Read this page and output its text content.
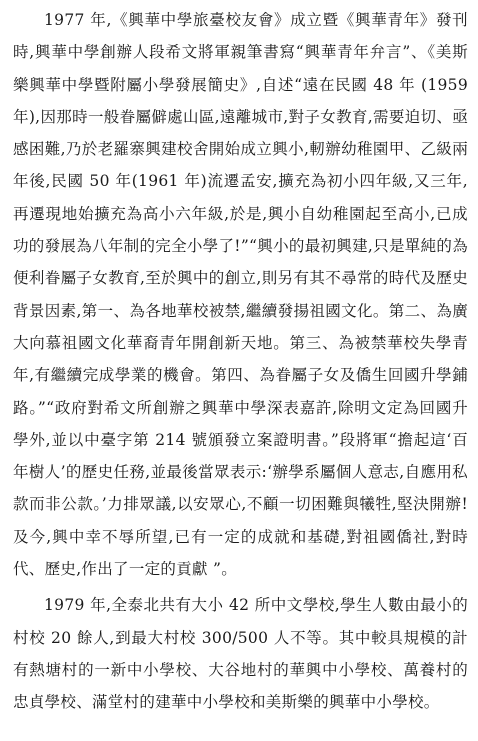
1977 年,《興華中學旅臺校友會》成立暨《興華青年》發刊時,興華中學創辦人段希文將軍親筆書寫“興華青年弁言”、《美斯樂興華中學暨附屬小學發展簡史》,自述“遠在民國 48 年 (1959 年),因那時一般眷屬僻處山區,遠離城市,對子女教育,需要迫切、亟感困難,乃於老羅寨興建校舍開始成立興小,軔辦幼稚園甲、乙級兩年後,民國 50 年(1961 年)流遷孟安,擴充為初小四年級,又三年,再遷現地始擴充為高小六年級,於是,興小自幼稚園起至高小,已成功的發展為八年制的完全小學了!”“興小的最初興建,只是單純的為便利眷屬子女教育,至於興中的創立,則另有其不尋常的時代及歷史背景因素,第一、為各地華校被禁,繼續發揚祖國文化。第二、為廣大向慕祖國文化華裔青年開創新天地。第三、為被禁華校失學青年,有繼續完成學業的機會。第四、為眷屬子女及僑生回國升學鋪路。”“政府對希文所創辦之興華中學深表嘉許,除明文定為回國升學外,並以中臺字第 214 號頒發立案證明書。”段將軍“擔起這‘百年樹人’的歷史任務,並最後當眾表示:‘辦學系屬個人意志,自應用私款而非公款。’力排眾議,以安眾心,不顧一切困難與犧牲,堅決開辦!及今,興中幸不辱所望,已有一定的成就和基礎,對祖國僑社,對時代、歷史,作出了一定的貢獻 ”。

1979 年,全泰北共有大小 42 所中文學校,學生人數由最小的村校 20 餘人,到最大村校 300/500 人不等。其中較具規模的計有熱塘村的一新中小學校、大谷地村的華興中小學校、萬養村的忠貞學校、滿堂村的建華中小學校和美斯樂的興華中小學校。
